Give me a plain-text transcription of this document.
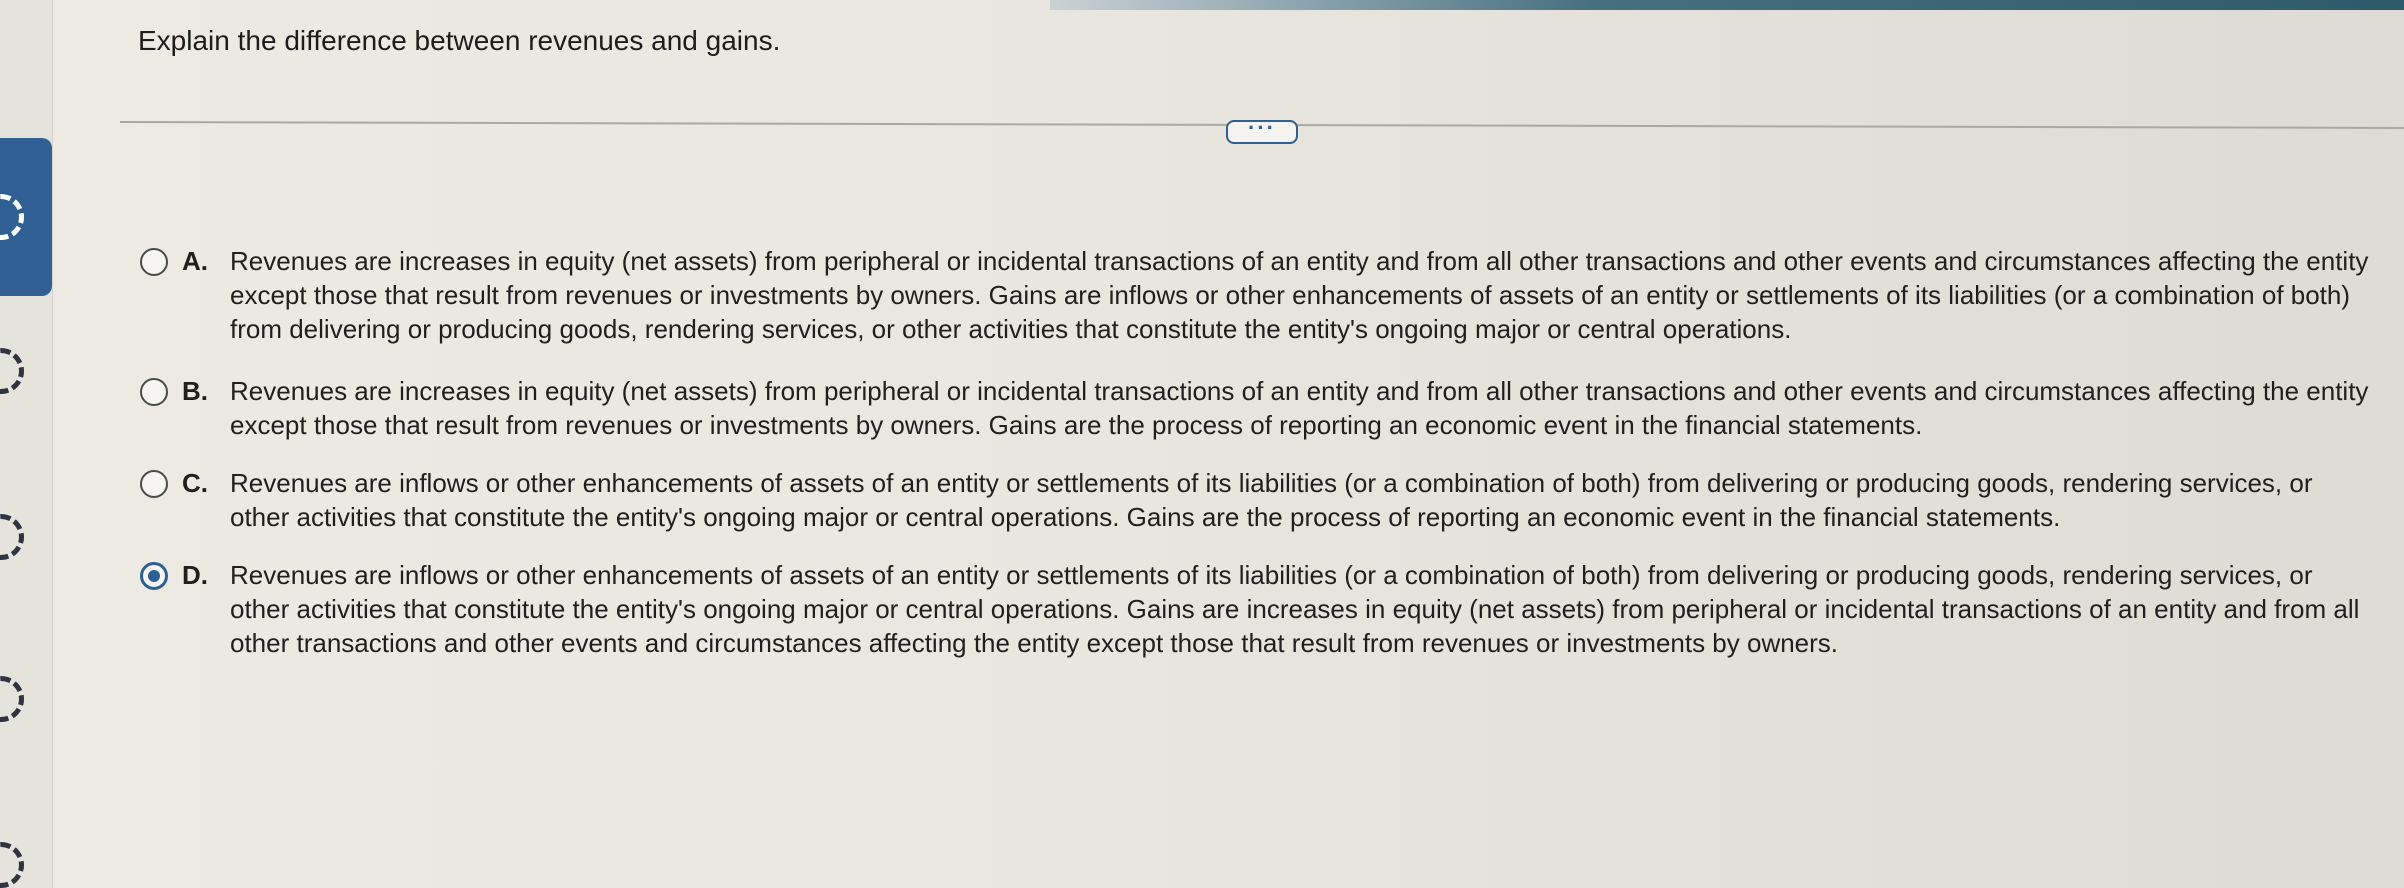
Explain the difference between revenues and gains.
···
A. Revenues are increases in equity (net assets) from peripheral or incidental transactions of an entity and from all other transactions and other events and circumstances affecting the entity except those that result from revenues or investments by owners. Gains are inflows or other enhancements of assets of an entity or settlements of its liabilities (or a combination of both) from delivering or producing goods, rendering services, or other activities that constitute the entity's ongoing major or central operations.
B. Revenues are increases in equity (net assets) from peripheral or incidental transactions of an entity and from all other transactions and other events and circumstances affecting the entity except those that result from revenues or investments by owners. Gains are the process of reporting an economic event in the financial statements.
C. Revenues are inflows or other enhancements of assets of an entity or settlements of its liabilities (or a combination of both) from delivering or producing goods, rendering services, or other activities that constitute the entity's ongoing major or central operations. Gains are the process of reporting an economic event in the financial statements.
D. Revenues are inflows or other enhancements of assets of an entity or settlements of its liabilities (or a combination of both) from delivering or producing goods, rendering services, or other activities that constitute the entity's ongoing major or central operations. Gains are increases in equity (net assets) from peripheral or incidental transactions of an entity and from all other transactions and other events and circumstances affecting the entity except those that result from revenues or investments by owners.
